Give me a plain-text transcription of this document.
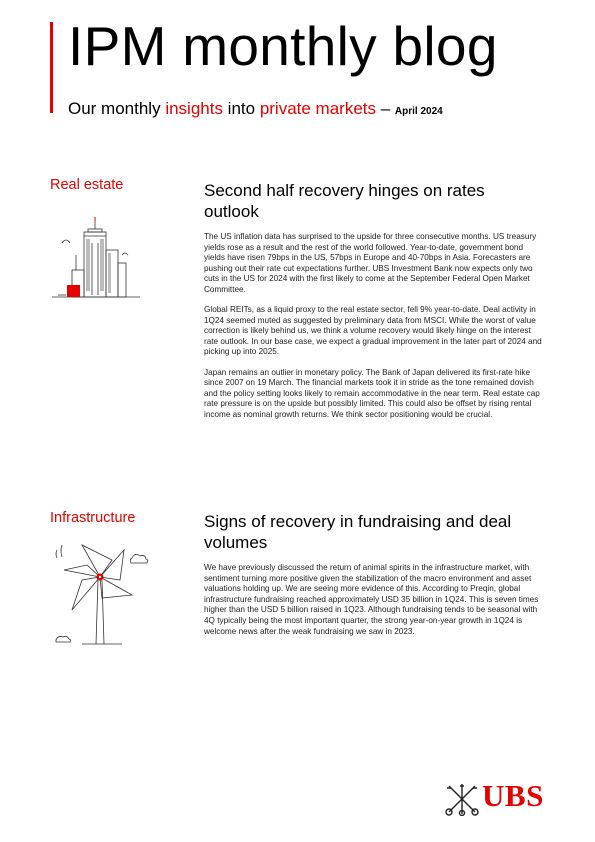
IPM monthly blog
Our monthly insights into private markets – April 2024
Real estate	Second half recovery hinges on rates outlook

The US inflation data has surprised to the upside for three consecutive months. US treasury yields rose as a result and the rest of the world followed. Year-to-date, government bond yields have risen 79bps in the US, 57bps in Europe and 40-70bps in Asia. Forecasters are pushing out their rate cut expectations further. UBS Investment Bank now expects only two cuts in the US for 2024 with the first likely to come at the September Federal Open Market Committee.

Global REITs, as a liquid proxy to the real estate sector, fell 9% year-to-date. Deal activity in 1Q24 seemed muted as suggested by preliminary data from MSCI. While the worst of value correction is likely behind us, we think a volume recovery would likely hinge on the interest rate outlook. In our base case, we expect a gradual improvement in the later part of 2024 and picking up into 2025.

Japan remains an outlier in monetary policy. The Bank of Japan delivered its first-rate hike since 2007 on 19 March. The financial markets took it in stride as the tone remained dovish and the policy setting looks likely to remain accommodative in the near term. Real estate cap rate pressure is on the upside but possibly limited. This could also be offset by rising rental income as nominal growth returns. We think sector positioning would be crucial.

Infrastructure	Signs of recovery in fundraising and deal volumes

We have previously discussed the return of animal spirits in the infrastructure market, with sentiment turning more positive given the stabilization of the macro environment and asset valuations holding up. We are seeing more evidence of this. According to Preqin, global infrastructure fundraising reached approximately USD 35 billion in 1Q24. This is seven times higher than the USD 5 billion raised in 1Q23. Although fundraising tends to be seasonal with 4Q typically being the most important quarter, the strong year-on-year growth in 1Q24 is welcome news after the weak fundraising we saw in 2023.

UBS
